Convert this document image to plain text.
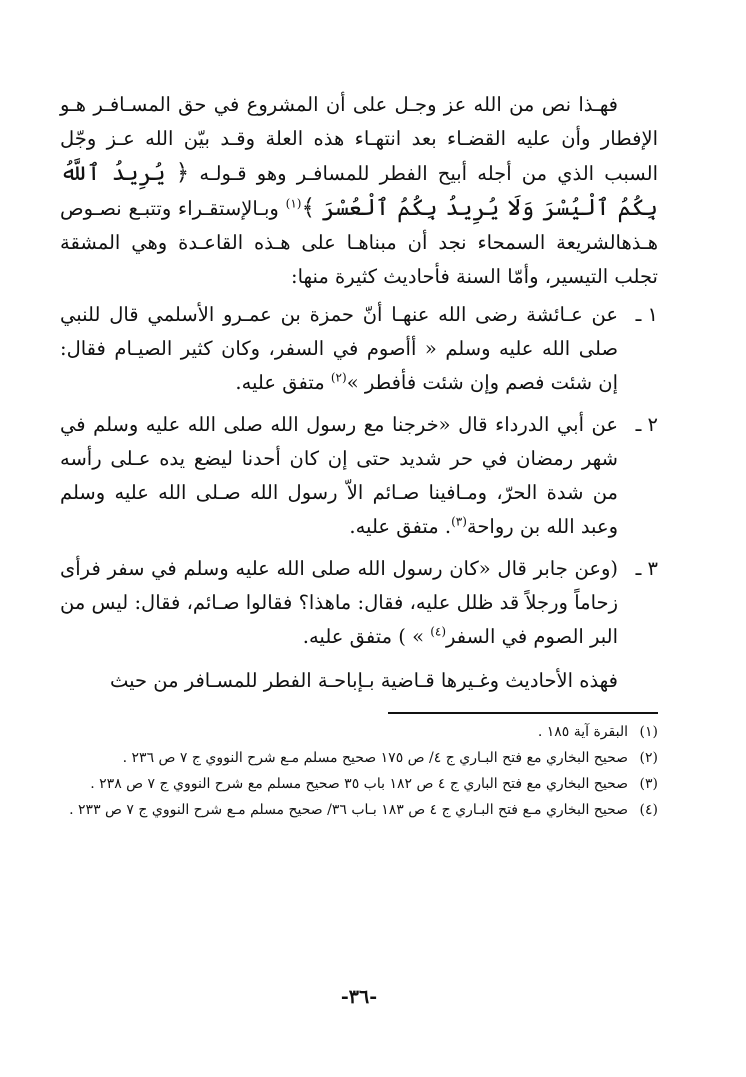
فهـذا نص من الله عز وجـل على أن المشروع في حق المسـافـر هـو الإفطار وأن عليه القضـاء بعد انتهـاء هذه العلة وقـد بيّن الله عـز وجّل السبب الذي من أجله أبيح الفطر للمسافـر وهو قـولـه ﴿ يُرِيدُ ٱللَّهُ بِكُمُ ٱلْيُسْرَ وَلَا يُرِيدُ بِكُمُ ٱلْعُسْرَ ﴾$^{(١)}$ وبـالإستقـراء وتتبـع نصـوص هـذهالشريعة السمحاء نجد أن مبناهـا على هـذه القاعـدة وهي المشقة تجلب التيسير، وأمّا السنة فأحاديث كثيرة منها:

١ ـ
عن عـائشة رضى الله عنهـا أنّ حمزة بن عمـرو الأسلمي قال للنبي صلى الله عليه وسلم « أأصوم في السفر، وكان كثير الصيـام فقال: إن شئت فصم وإن شئت فأفطر »$^{(٢)}$ متفق عليه.
٢ ـ
عن أبي الدرداء قال «خرجنا مع رسول الله صلى الله عليه وسلم في شهر رمضان في حر شديد حتى إن كان أحدنا ليضع يده عـلى رأسه من شدة الحرّ، ومـافينا صـائم الاّ رسول الله صـلى الله عليه وسلم وعبد الله بن رواحة$^{(٣)}$. متفق عليه.
٣ ـ
(وعن جابر قال «كان رسول الله صلى الله عليه وسلم في سفر فرأى زحاماً ورجلاً قد ظلل عليه، فقال: ماهذا؟ فقالوا صـائم، فقال: ليس من البر الصوم في السفر$^{(٤)}$ » ) متفق عليه.

فهذه الأحاديث وغـيرها قـاضية بـإباحـة الفطر للمسـافر من حيث

(١)
البقرة آية ١٨٥ .
(٢)
صحيح البخاري مع فتح البـاري ج ٤/ ص ١٧٥ صحيح مسلم مـع شرح النووي ج ٧ ص ٢٣٦ .
(٣)
صحيح البخاري مع فتح الباري ج ٤ ص ١٨٢ باب ٣٥ صحيح مسلم مع شرح النووي ج ٧ ص ٢٣٨ .
(٤)
صحيح البخاري مـع فتح البـاري ج ٤ ص ١٨٣ بـاب ٣٦/ صحيح مسلم مـع شرح النووي ج ٧ ص ٢٣٣ .
-٣٦-
